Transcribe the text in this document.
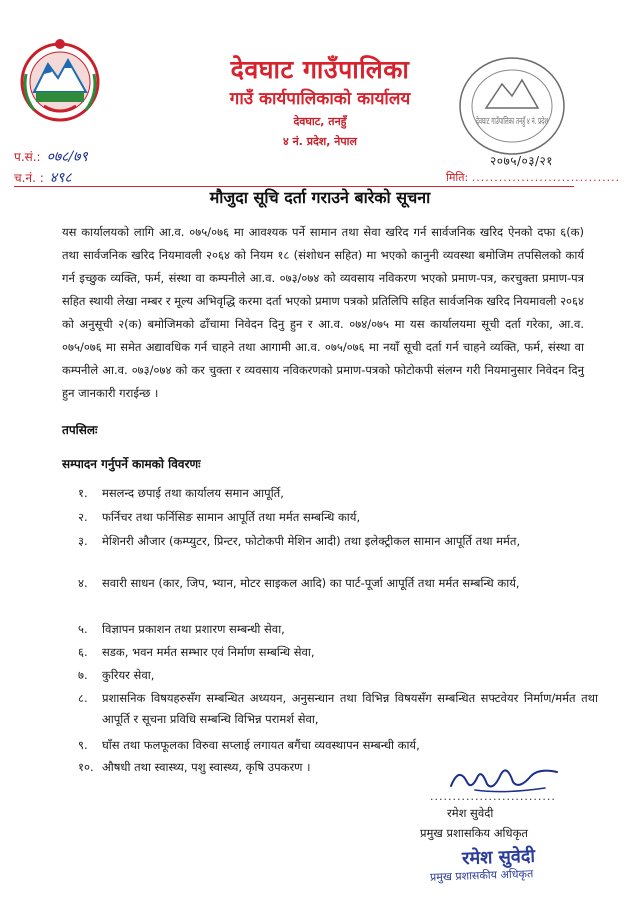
देवघाट गाउँपालिका
गाउँ कार्यपालिकाको कार्यालय
देवघाट, तनहुँ
४ नं. प्रदेश, नेपाल
देवघाट गाउँपालिका तनहुँ ४ नं. प्रदेश
प.सं.: ०७८/७९
च.नं. : ४९८
२०७५/०३/२१
मिति: .................................
मौजुदा सूचि दर्ता गराउने बारेको सूचना
यस कार्यालयको लागि आ.व. ०७५/०७६ मा आवश्यक पर्ने सामान तथा सेवा खरिद गर्न सार्वजनिक खरिद ऐनको दफा ६(क) तथा सार्वजनिक खरिद नियमावली २०६४ को नियम १८ (संशोधन सहित) मा भएको कानुनी व्यवस्था बमोजिम तपसिलको कार्य गर्न इच्छुक व्यक्ति, फर्म, संस्था वा कम्पनीले आ.व. ०७३/०७४ को व्यवसाय नविकरण भएको प्रमाण-पत्र, करचुक्ता प्रमाण-पत्र सहित स्थायी लेखा नम्बर र मूल्य अभिवृद्धि करमा दर्ता भएको प्रमाण पत्रको प्रतिलिपि सहित सार्वजनिक खरिद नियमावली २०६४ को अनुसूची २(क) बमोजिमको ढाँचामा निवेदन दिनु हुन र आ.व. ०७४/०७५ मा यस कार्यालयमा सूची दर्ता गरेका, आ.व. ०७५/०७६ मा समेत अद्यावधिक गर्न चाहने तथा आगामी आ.व. ०७५/०७६ मा नयाँ सूची दर्ता गर्न चाहने व्यक्ति, फर्म, संस्था वा कम्पनीले आ.व. ०७३/०७४ को कर चुक्ता र व्यवसाय नविकरणको प्रमाण-पत्रको फोटोकपी संलग्न गरी नियमानुसार निवेदन दिनु हुन जानकारी गराईन्छ ।
तपसिलः
सम्पादन गर्नुपर्ने कामको विवरणः
१.	मसलन्द छपाई तथा कार्यालय समान आपूर्ति,
२.	फर्निचर तथा फर्निसिङ सामान आपूर्ति तथा मर्मत सम्बन्धि कार्य,
३.	मेशिनरी औजार (कम्प्युटर, प्रिन्टर, फोटोकपी मेशिन आदी) तथा इलेक्ट्रीकल सामान आपूर्ति तथा मर्मत,
४.	सवारी साधन (कार, जिप, भ्यान, मोटर साइकल आदि) का पार्ट-पूर्जा आपूर्ति तथा मर्मत सम्बन्धि कार्य,
५.	विज्ञापन प्रकाशन तथा प्रशारण सम्बन्धी सेवा,
६.	सडक, भवन मर्मत सम्भार एवं निर्माण सम्बन्धि सेवा,
७.	कुरियर सेवा,
८.	प्रशासनिक विषयहरुसँग सम्बन्धित अध्ययन, अनुसन्धान तथा विभिन्न विषयसँग सम्बन्धित सफ्टवेयर निर्माण/मर्मत तथा आपूर्ति र सूचना प्रविधि सम्बन्धि विभिन्न परामर्श सेवा,
९.	घाँस तथा फलफूलका विरुवा सप्लाई लगायत बगैंचा व्यवस्थापन सम्बन्धी कार्य,
१०. औषधी तथा स्वास्थ्य, पशु स्वास्थ्य, कृषि उपकरण ।
............................
रमेश सुवेदी
प्रमुख प्रशासकिय अधिकृत
रमेश सुवेदी
प्रमुख प्रशासकीय अधिकृत
